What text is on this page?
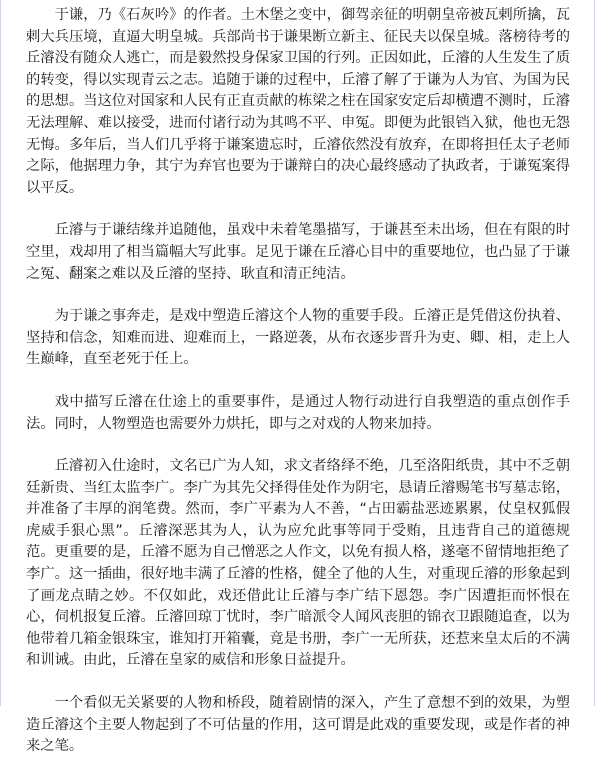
于谦，乃《石灰吟》的作者。土木堡之变中，御驾亲征的明朝皇帝被瓦剌所擒，瓦剌大兵压境，直逼大明皇城。兵部尚书于谦果断立新主、征民夫以保皇城。落榜待考的丘濬没有随众人逃亡，而是毅然投身保家卫国的行列。正因如此，丘濬的人生发生了质的转变，得以实现青云之志。追随于谦的过程中，丘濬了解了于谦为人为官、为国为民的思想。当这位对国家和人民有正直贡献的栋梁之柱在国家安定后却横遭不测时，丘濬无法理解、难以接受，进而付诸行动为其鸣不平、申冤。即便为此银铛入狱，他也无怨无悔。多年后，当人们几乎将于谦案遗忘时，丘濬依然没有放弃，在即将担任太子老师之际，他据理力争，其宁为弃官也要为于谦辩白的决心最终感动了执政者，于谦冤案得以平反。

丘濬与于谦结缘并追随他，虽戏中未着笔墨描写，于谦甚至未出场，但在有限的时空里，戏却用了相当篇幅大写此事。足见于谦在丘濬心目中的重要地位，也凸显了于谦之冤、翻案之难以及丘濬的坚持、耿直和清正纯洁。

为于谦之事奔走，是戏中塑造丘濬这个人物的重要手段。丘濬正是凭借这份执着、坚持和信念，知难而进、迎难而上，一路逆袭，从布衣逐步晋升为吏、卿、相，走上人生巅峰，直至老死于任上。

戏中描写丘濬在仕途上的重要事件，是通过人物行动进行自我塑造的重点创作手法。同时，人物塑造也需要外力烘托，即与之对戏的人物来加持。

丘濬初入仕途时，文名已广为人知，求文者络绎不绝，几至洛阳纸贵，其中不乏朝廷新贵、当红太监李广。李广为其先父择得佳处作为阴宅，恳请丘濬赐笔书写墓志铭，并准备了丰厚的润笔费。然而，李广平素为人不善，“占田霸盐恶迹累累，仗皇权狐假虎威手狠心黑”。丘濬深恶其为人，认为应允此事等同于受贿，且违背自己的道德规范。更重要的是，丘濬不愿为自己憎恶之人作文，以免有损人格，遂毫不留情地拒绝了李广。这一插曲，很好地丰满了丘濬的性格，健全了他的人生，对重现丘濬的形象起到了画龙点睛之妙。不仅如此，戏还借此让丘濬与李广结下恩怨。李广因遭拒而怀恨在心，伺机报复丘濬。丘濬回琼丁忧时，李广暗派令人闻风丧胆的锦衣卫跟随追查，以为他带着几箱金银珠宝，谁知打开箱囊，竟是书册，李广一无所获，还惹来皇太后的不满和训诫。由此，丘濬在皇家的威信和形象日益提升。

一个看似无关紧要的人物和桥段，随着剧情的深入，产生了意想不到的效果，为塑造丘濬这个主要人物起到了不可估量的作用，这可谓是此戏的重要发现，或是作者的神来之笔。
